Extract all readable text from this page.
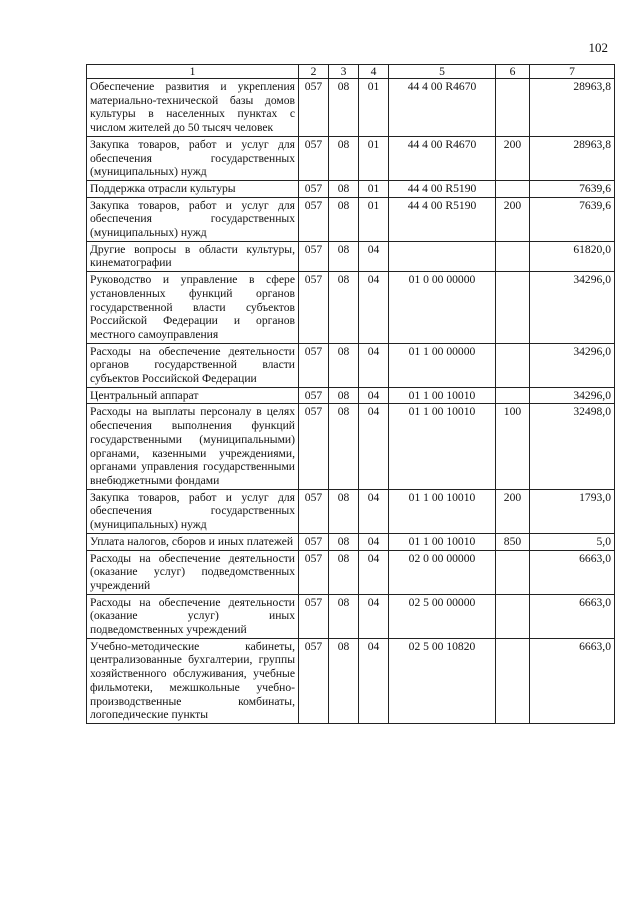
102
1	2	3	4	5	6	7
Обеспечение развития и укрепления материально-технической базы домов культуры в населенных пунктах с числом жителей до 50 тысяч человек	057	08	01	44 4 00 R4670		28963,8
Закупка товаров, работ и услуг для обеспечения государственных (муниципальных) нужд	057	08	01	44 4 00 R4670	200	28963,8
Поддержка отрасли культуры	057	08	01	44 4 00 R5190		7639,6
Закупка товаров, работ и услуг для обеспечения государственных (муниципальных) нужд	057	08	01	44 4 00 R5190	200	7639,6
Другие вопросы в области культуры, кинематографии	057	08	04			61820,0
Руководство и управление в сфере установленных функций органов государственной власти субъектов Российской Федерации и органов местного самоуправления	057	08	04	01 0 00 00000		34296,0
Расходы на обеспечение деятельности органов государственной власти субъектов Российской Федерации	057	08	04	01 1 00 00000		34296,0
Центральный аппарат	057	08	04	01 1 00 10010		34296,0
Расходы на выплаты персоналу в целях обеспечения выполнения функций государственными (муниципальными) органами, казенными учреждениями, органами управления государственными внебюджетными фондами	057	08	04	01 1 00 10010	100	32498,0
Закупка товаров, работ и услуг для обеспечения государственных (муниципальных) нужд	057	08	04	01 1 00 10010	200	1793,0
Уплата налогов, сборов и иных платежей	057	08	04	01 1 00 10010	850	5,0
Расходы на обеспечение деятельности (оказание услуг) подведомственных учреждений	057	08	04	02 0 00 00000		6663,0
Расходы на обеспечение деятельности (оказание услуг) иных подведомственных учреждений	057	08	04	02 5 00 00000		6663,0
Учебно-методические кабинеты, централизованные бухгалтерии, группы хозяйственного обслуживания, учебные фильмотеки, межшкольные учебно-производственные комбинаты, логопедические пункты	057	08	04	02 5 00 10820		6663,0
